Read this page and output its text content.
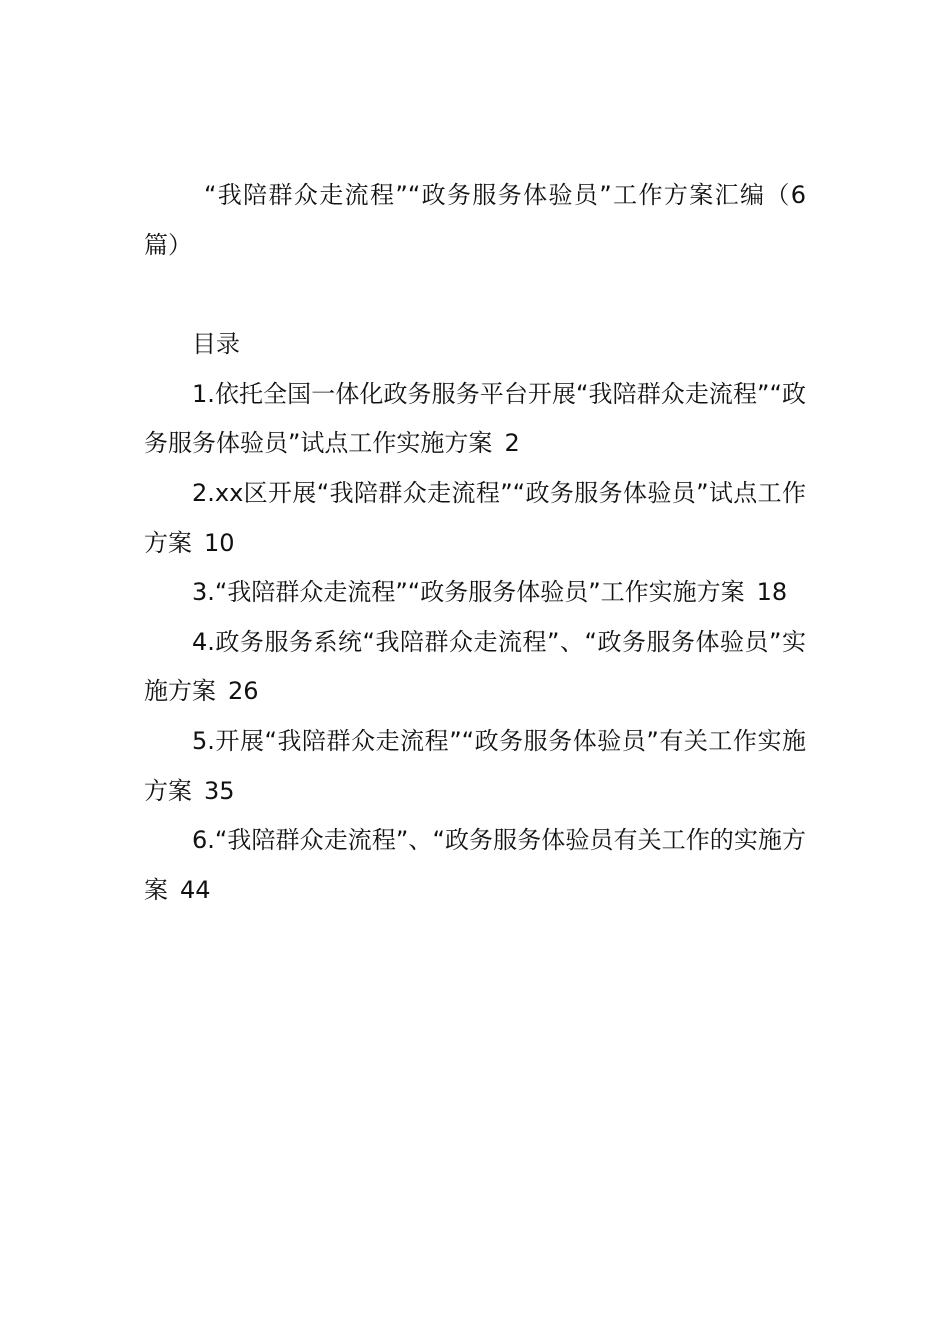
“我陪群众走流程”“政务服务体验员”工作方案汇编（6篇）

目录

1.依托全国一体化政务服务平台开展“我陪群众走流程”“政务服务体验员”试点工作实施方案 2

2.xx区开展“我陪群众走流程”“政务服务体验员”试点工作方案 10

3.“我陪群众走流程”“政务服务体验员”工作实施方案 18

4.政务服务系统“我陪群众走流程”、“政务服务体验员”实施方案 26

5.开展“我陪群众走流程”“政务服务体验员”有关工作实施方案 35

6.“我陪群众走流程”、“政务服务体验员有关工作的实施方案 44
